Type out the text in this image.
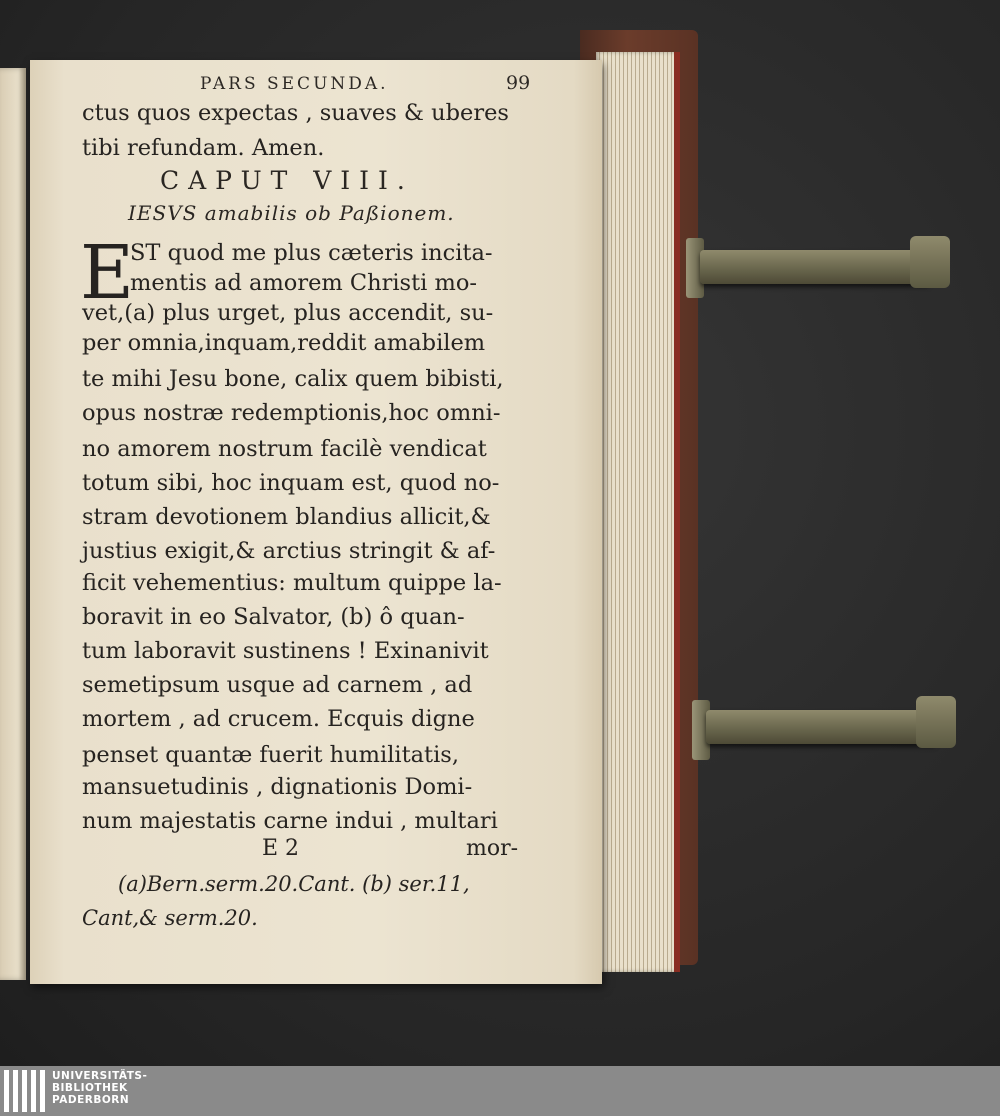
PARS SECUNDA.	99
ctus quos expectas , suaves & uberes
tibi refundam. Amen.
CAPUT VIII.
IESVS amabilis ob Paßionem.
E
ST quod me plus cæteris incita-
mentis ad amorem Christi mo-
vet,(a) plus urget, plus accendit, su-
per omnia,inquam,reddit amabilem
te mihi Jesu bone, calix quem bibisti,
opus nostræ redemptionis,hoc omni-
no amorem nostrum facilè vendicat
totum sibi, hoc inquam est, quod no-
stram devotionem blandius allicit,&
justius exigit,& arctius stringit & af-
ficit vehementius: multum quippe la-
boravit in eo Salvator, (b) ô quan-
tum laboravit sustinens ! Exinanivit
semetipsum usque ad carnem , ad
mortem , ad crucem. Ecquis digne
penset quantæ fuerit humilitatis,
mansuetudinis , dignationis Domi-
num majestatis carne indui , multari
E 2	mor-
(a)Bern.serm.20.Cant. (b) ser.11,
Cant,& serm.20.
UNIVERSITÄTS-
BIBLIOTHEK
PADERBORN
